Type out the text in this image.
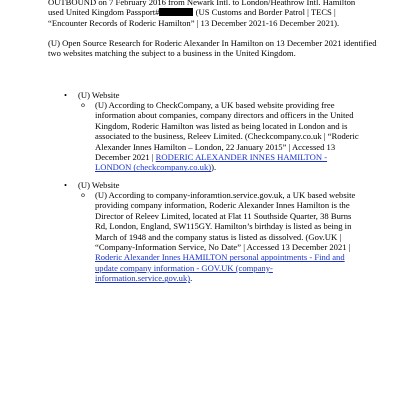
OUTBOUND on 7 February 2016 from Newark Intl. to London/Heathrow Intl. Hamilton
used United Kingdom Passport#	(US Customs and Border Patrol | TECS |
“Encounter Records of Roderic Hamilton” | 13 December 2021-16 December 2021).
(U) Open Source Research for Roderic Alexander In Hamilton on 13 December 2021 identified two websites matching the subject to a business in the United Kingdom.
•	(U) Website
o (U) According to CheckCompany, a UK based website providing free information about companies, company directors and officers in the United Kingdom, Roderic Hamilton was listed as being located in London and is associated to the business, Releev Limited. (Checkcompany.co.uk | “Roderic Alexander Innes Hamilton – London, 22 January 2015” | Accessed 13 December 2021 | RODERIC ALEXANDER INNES HAMILTON - LONDON (checkcompany.co.uk)).
•	(U) Website
o (U) According to company-inforamtion.service.gov.uk, a UK based website providing company information, Roderic Alexander Innes Hamilton is the Director of Releev Limited, located at Flat 11 Southside Quarter, 38 Burns Rd, London, England, SW115GY. Hamilton’s birthday is listed as being in March of 1948 and the company status is listed as dissolved. (Gov.UK | “Company-Information Service, No Date” | Accessed 13 December 2021 | Roderic Alexander Innes HAMILTON personal appointments - Find and update company information - GOV.UK (company-information.service.gov.uk).
